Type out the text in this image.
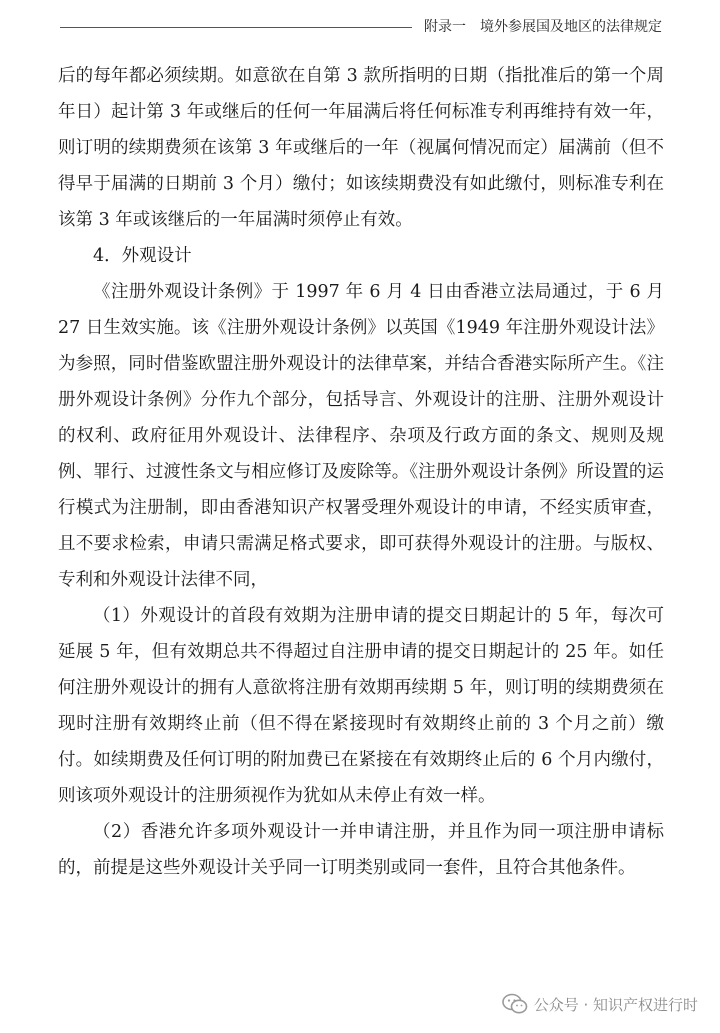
附录一　境外参展国及地区的法律规定

后的每年都必须续期。如意欲在自第 3 款所指明的日期（指批准后的第一个周年日）起计第 3 年或继后的任何一年届满后将任何标准专利再维持有效一年，则订明的续期费须在该第 3 年或继后的一年（视属何情况而定）届满前（但不得早于届满的日期前 3 个月）缴付；如该续期费没有如此缴付，则标准专利在该第 3 年或该继后的一年届满时须停止有效。

4．外观设计

《注册外观设计条例》于 1997 年 6 月 4 日由香港立法局通过，于 6 月 27 日生效实施。该《注册外观设计条例》以英国《1949 年注册外观设计法》为参照，同时借鉴欧盟注册外观设计的法律草案，并结合香港实际所产生。《注册外观设计条例》分作九个部分，包括导言、外观设计的注册、注册外观设计的权利、政府征用外观设计、法律程序、杂项及行政方面的条文、规则及规例、罪行、过渡性条文与相应修订及废除等。《注册外观设计条例》所设置的运行模式为注册制，即由香港知识产权署受理外观设计的申请，不经实质审查，且不要求检索，申请只需满足格式要求，即可获得外观设计的注册。与版权、专利和外观设计法律不同，

（1）外观设计的首段有效期为注册申请的提交日期起计的 5 年，每次可延展 5 年，但有效期总共不得超过自注册申请的提交日期起计的 25 年。如任何注册外观设计的拥有人意欲将注册有效期再续期 5 年，则订明的续期费须在现时注册有效期终止前（但不得在紧接现时有效期终止前的 3 个月之前）缴付。如续期费及任何订明的附加费已在紧接在有效期终止后的 6 个月内缴付，则该项外观设计的注册须视作为犹如从未停止有效一样。

（2）香港允许多项外观设计一并申请注册，并且作为同一项注册申请标的，前提是这些外观设计关乎同一订明类别或同一套件，且符合其他条件。

公众号 · 知识产权进行时
